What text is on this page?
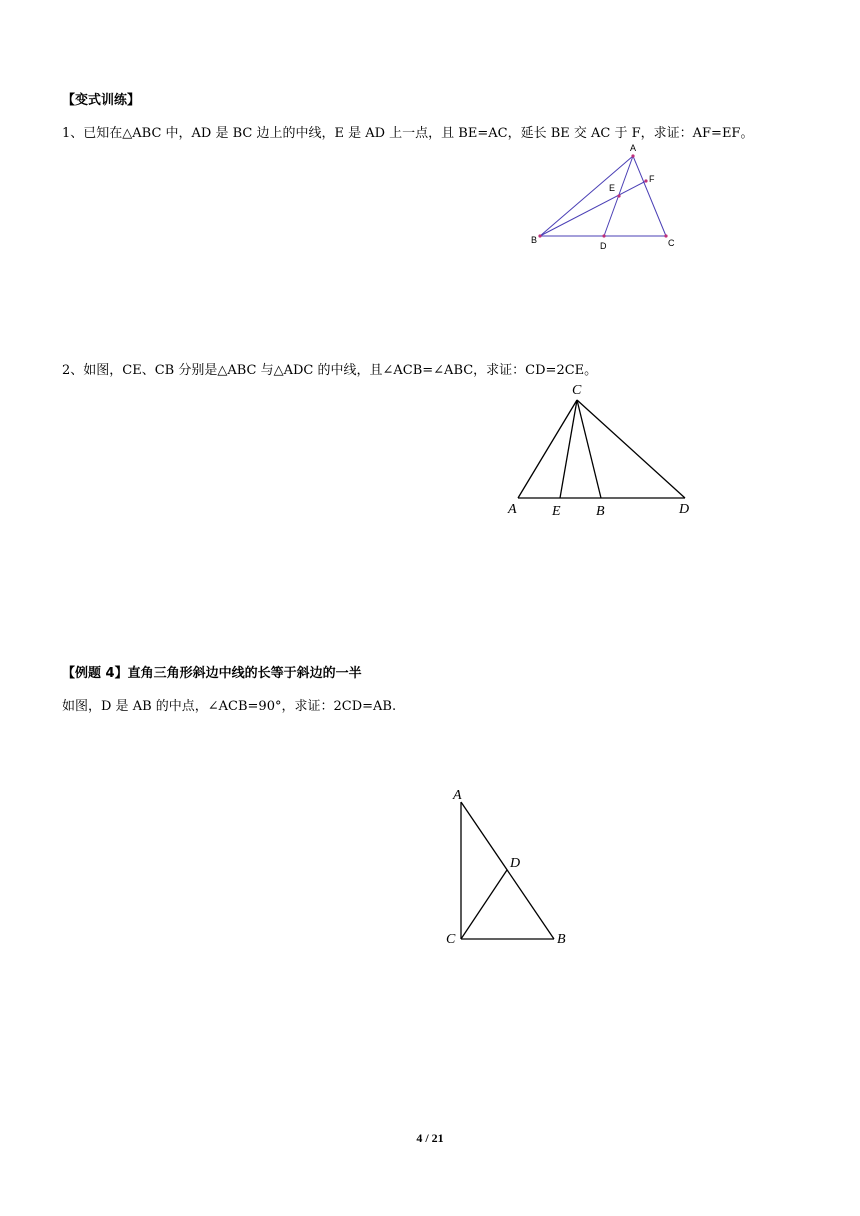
【变式训练】
1、已知在△ABC 中，AD 是 BC 边上的中线，E 是 AD 上一点，且 BE=AC，延长 BE 交 AC 于 F，求证：AF=EF。
A
B	C
D
E
F
2、如图，CE、CB 分别是△ABC 与△ADC 的中线，且∠ACB=∠ABC，求证：CD=2CE。
C
A	E	B	D
【例题 4】直角三角形斜边中线的长等于斜边的一半
如图，D 是 AB 的中点，∠ACB=90°，求证：2CD=AB.
A
D
C	B
4 / 21
